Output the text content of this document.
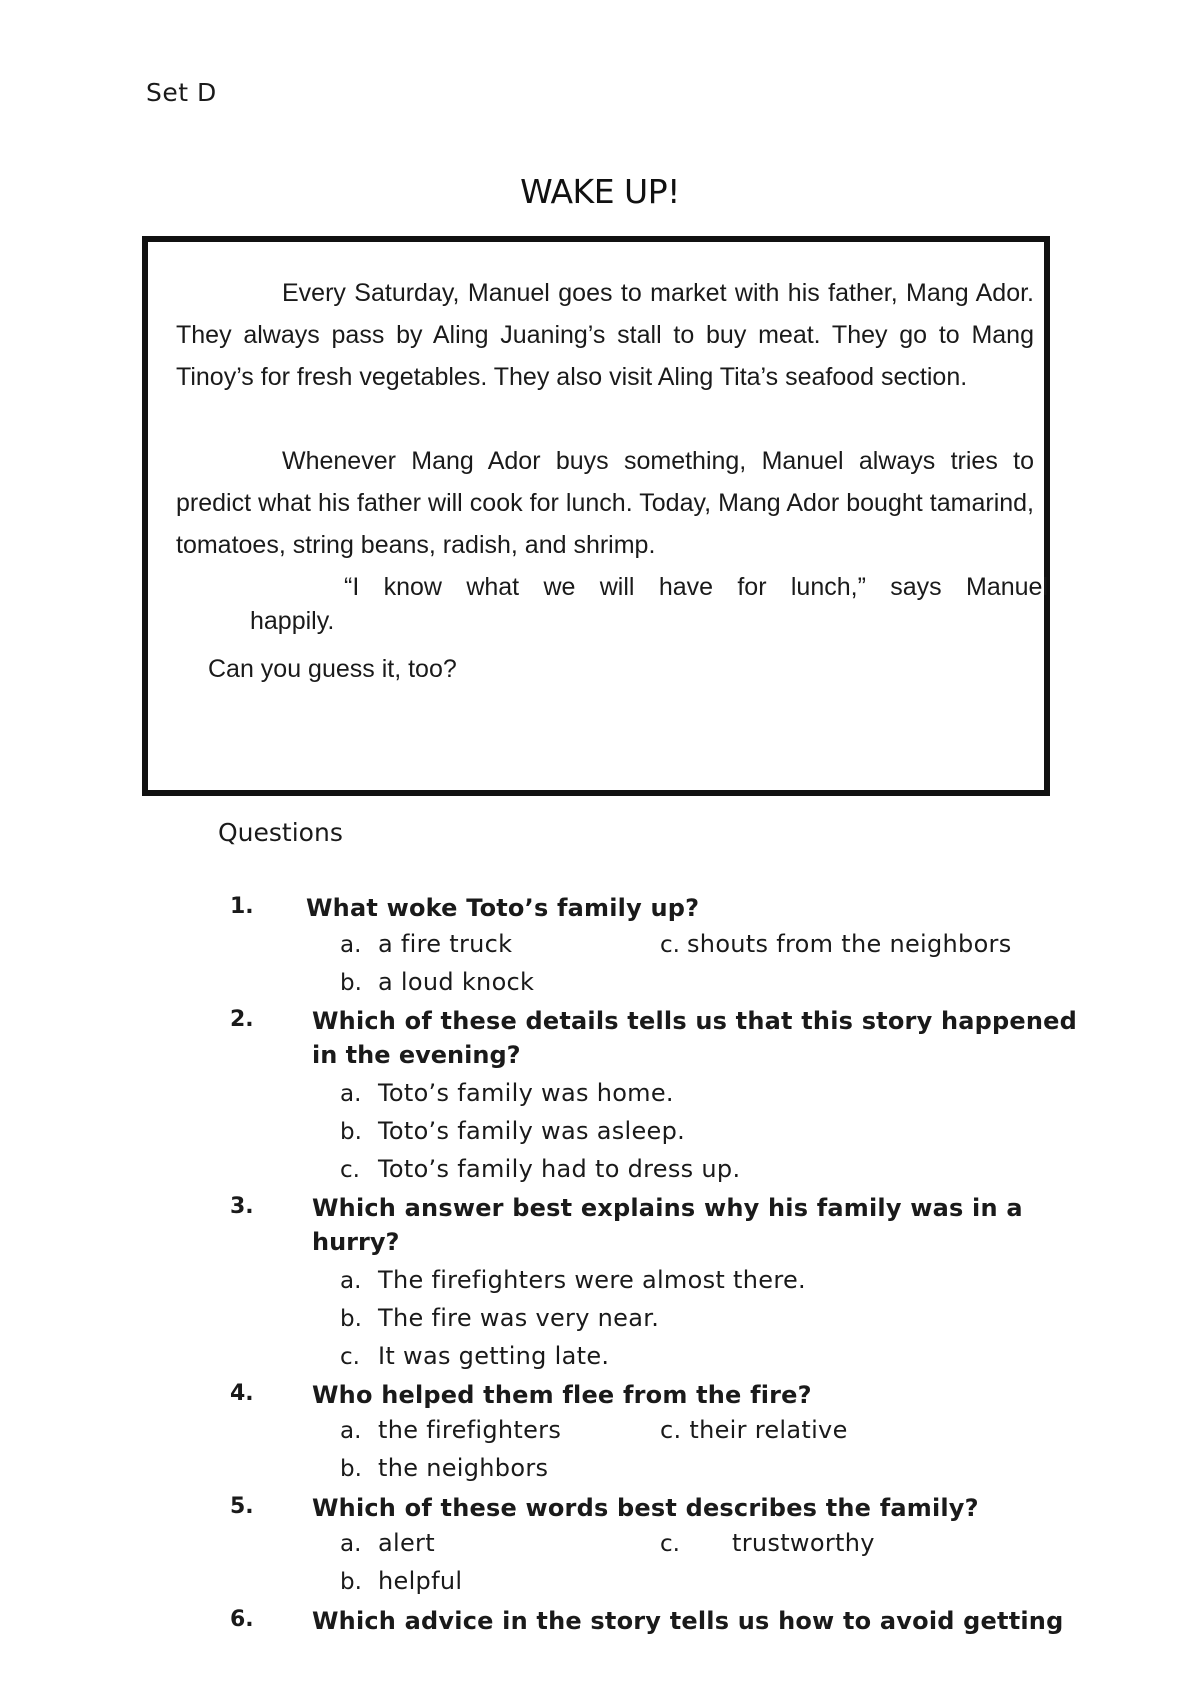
Set D
WAKE UP!

Every Saturday, Manuel goes to market with his father, Mang Ador. They always pass by Aling Juaning’s stall to buy meat. They go to Mang Tinoy’s for fresh vegetables. They also visit Aling Tita’s seafood section.

Whenever Mang Ador buys something, Manuel always tries to predict what his father will cook for lunch. Today, Mang Ador bought tamarind, tomatoes, string beans, radish, and shrimp.

“I know what we will have for lunch,” says Manuel

happily.

Can you guess it, too?

Questions
1. What woke Toto’s family up?
a. a fire truck	c. shouts from the neighbors
b. a loud knock
2. Which of these details tells us that this story happened
in the evening?
a. Toto’s family was home.
b. Toto’s family was asleep.
c. Toto’s family had to dress up.
3. Which answer best explains why his family was in a
hurry?
a. The firefighters were almost there.
b. The fire was very near.
c. It was getting late.
4. Who helped them flee from the fire?
a. the firefighters	c. their relative
b. the neighbors
5. Which of these words best describes the family?
a. alert	c. trustworthy
b. helpful
6. Which advice in the story tells us how to avoid getting
